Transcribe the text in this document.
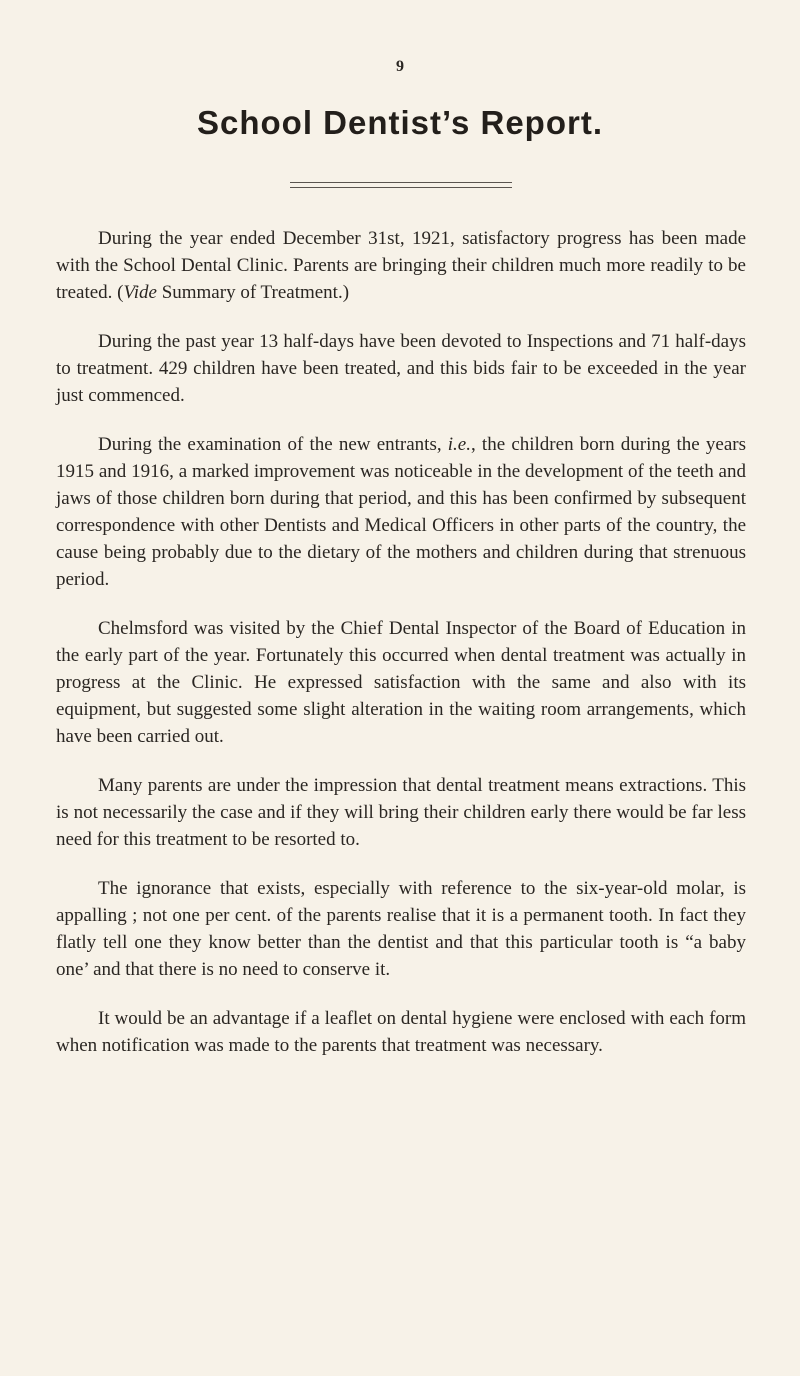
9
School Dentist’s Report.

During the year ended December 31st, 1921, satisfactory progress has been made with the School Dental Clinic. Parents are bringing their children much more readily to be treated. (Vide Summary of Treatment.)

During the past year 13 half-days have been devoted to Inspections and 71 half-days to treatment. 429 children have been treated, and this bids fair to be exceeded in the year just commenced.

During the examination of the new entrants, i.e., the children born during the years 1915 and 1916, a marked improvement was noticeable in the development of the teeth and jaws of those children born during that period, and this has been confirmed by subsequent correspondence with other Dentists and Medical Officers in other parts of the country, the cause being probably due to the dietary of the mothers and children during that strenuous period.

Chelmsford was visited by the Chief Dental Inspector of the Board of Education in the early part of the year. Fortunately this occurred when dental treatment was actually in progress at the Clinic. He expressed satisfaction with the same and also with its equipment, but suggested some slight alteration in the waiting room arrangements, which have been carried out.

Many parents are under the impression that dental treatment means extractions. This is not necessarily the case and if they will bring their children early there would be far less need for this treatment to be resorted to.

The ignorance that exists, especially with reference to the six-year-old molar, is appalling ; not one per cent. of the parents realise that it is a permanent tooth. In fact they flatly tell one they know better than the dentist and that this particular tooth is “a baby one’ and that there is no need to conserve it.

It would be an advantage if a leaflet on dental hygiene were enclosed with each form when notification was made to the parents that treatment was necessary.
